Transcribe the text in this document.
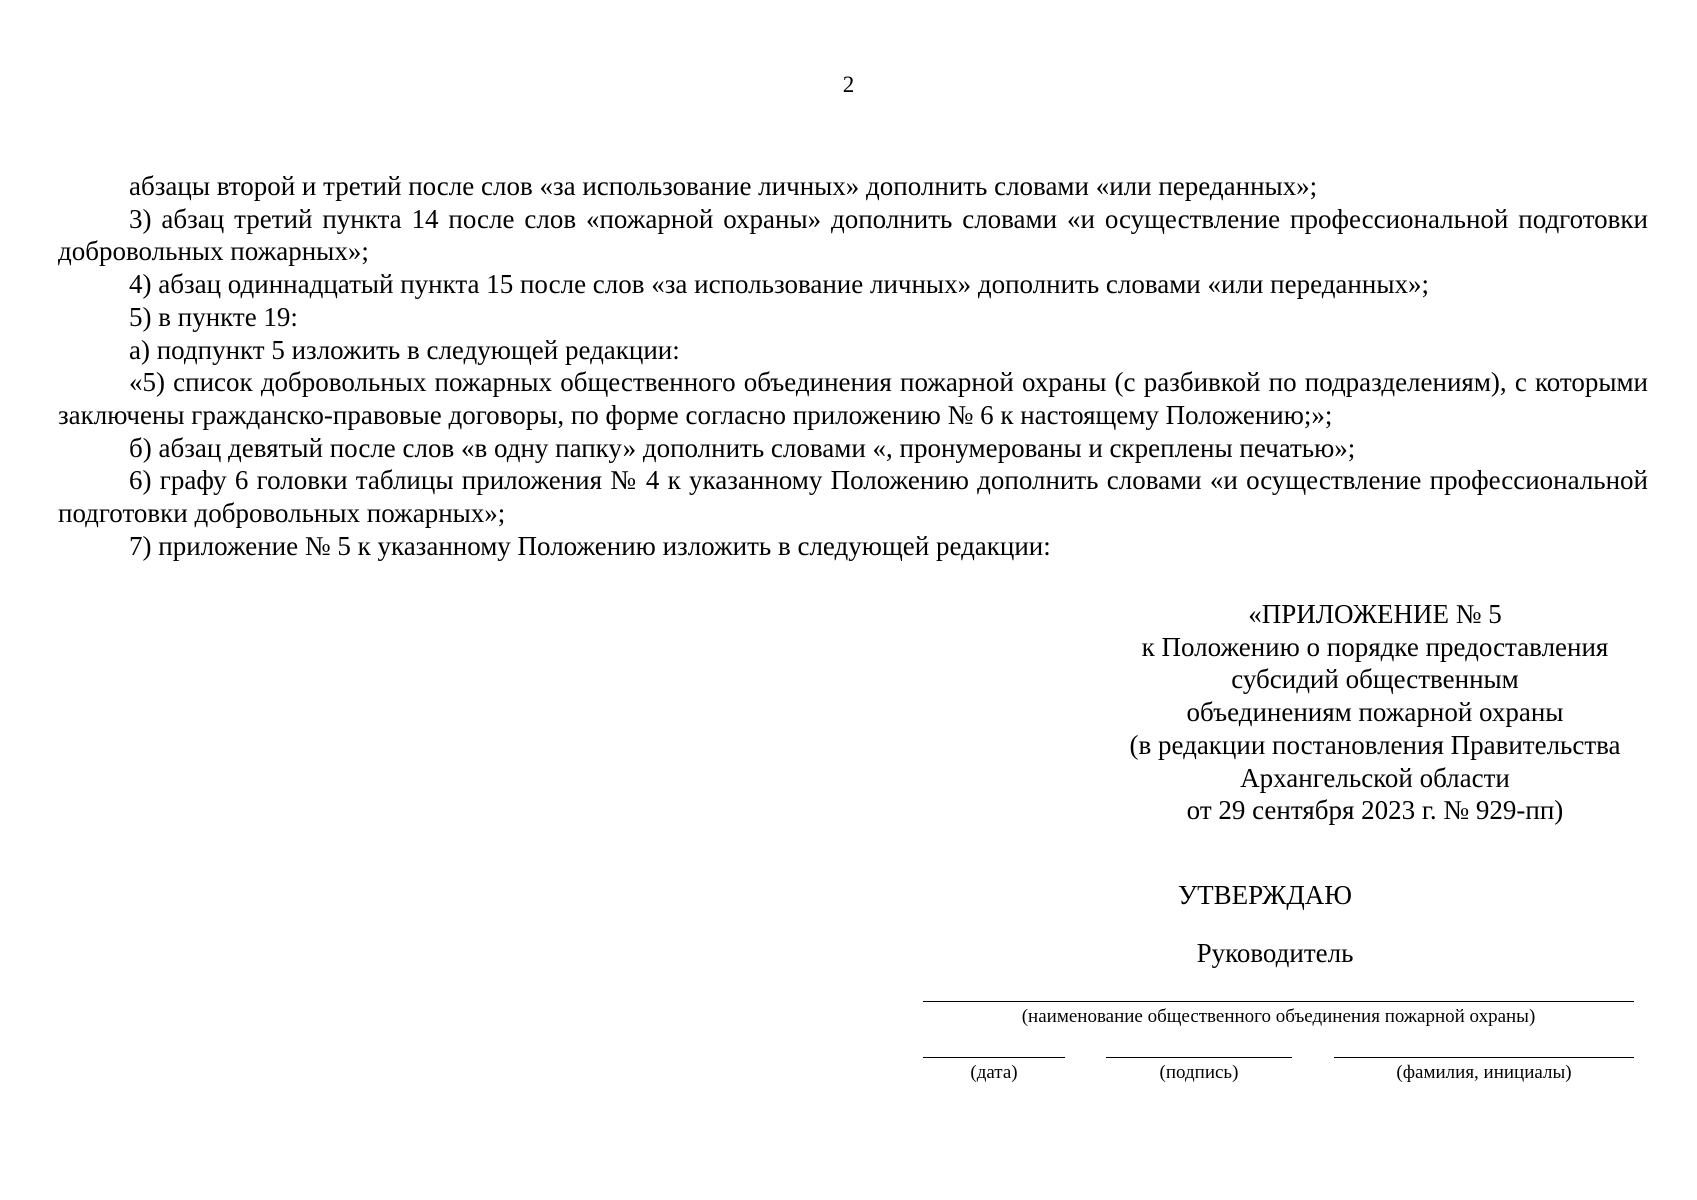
2

абзацы второй и третий после слов «за использование личных» дополнить словами «или переданных»;

3) абзац третий пункта 14 после слов «пожарной охраны» дополнить словами «и осуществление профессиональной подготовки добровольных пожарных»;

4) абзац одиннадцатый пункта 15 после слов «за использование личных» дополнить словами «или переданных»;

5) в пункте 19:

а) подпункт 5 изложить в следующей редакции:

«5) список добровольных пожарных общественного объединения пожарной охраны (с разбивкой по подразделениям), с которыми заключены гражданско-правовые договоры, по форме согласно приложению № 6 к настоящему Положению;»;

б) абзац девятый после слов «в одну папку» дополнить словами «, пронумерованы и скреплены печатью»;

6) графу 6 головки таблицы приложения № 4 к указанному Положению дополнить словами «и осуществление профессиональной подготовки добровольных пожарных»;

7) приложение № 5 к указанному Положению изложить в следующей редакции:

«ПРИЛОЖЕНИЕ № 5
к Положению о порядке предоставления
субсидий общественным
объединениям пожарной охраны
(в редакции постановления Правительства
Архангельской области
от 29 сентября 2023 г. № 929-пп)
УТВЕРЖДАЮ
Руководитель
(наименование общественного объединения пожарной охраны)
(дата)	(подпись)	(фамилия, инициалы)
